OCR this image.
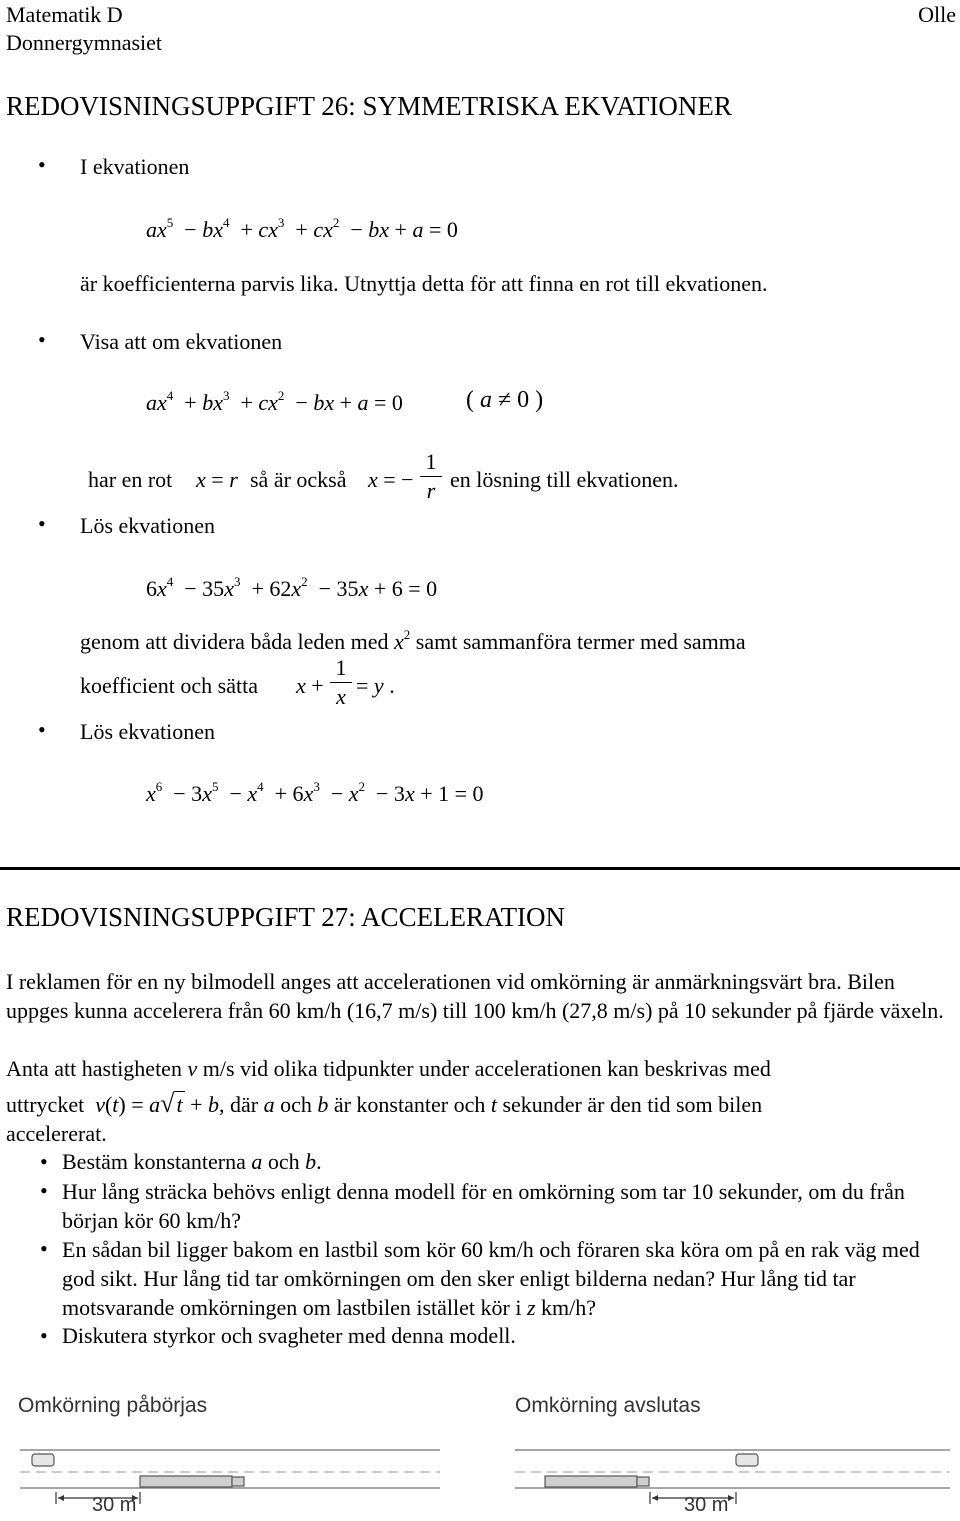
Matematik D
Donnergymnasiet
Olle
REDOVISNINGSUPPGIFT 26: SYMMETRISKA EKVATIONER
• I ekvationen
$ax^5 - bx^4 + cx^3 + cx^2$  − bx + a = 0
är koefficienterna parvis lika. Utnyttja detta för att finna en rot till ekvationen.
• Visa att om ekvationen
$ax^4 + bx^3 + cx^2$  − bx + a = 0	( a ≠ 0 )
har en rot x = r så är också x = −
1
r en lösning till ekvationen.
• Lös ekvationen
$6x^4 - 35x^3 + 62x^2 - 35x + 6 = 0$
genom att dividera båda leden med $x^2$ samt sammanföra termer med samma
koefficient och sätta x +
1
x = y .
• Lös ekvationen
$x^6 - 3x^5 - x^4 + 6x^3 - x^2 - 3x + 1 = 0$
REDOVISNINGSUPPGIFT 27: ACCELERATION
I reklamen för en ny bilmodell anges att accelerationen vid omkörning är anmärkningsvärt bra. Bilen uppges kunna accelerera från 60 km/h (16,7 m/s) till 100 km/h (27,8 m/s) på 10 sekunder på fjärde växeln.
Anta att hastigheten v m/s vid olika tidpunkter under accelerationen kan beskrivas med
uttrycket v(t) = a√t + b, där a och b är konstanter och t sekunder är den tid som bilen
accelererat.
• Bestäm konstanterna a och b.
• Hur lång sträcka behövs enligt denna modell för en omkörning som tar 10 sekunder, om du från början kör 60 km/h?
• En sådan bil ligger bakom en lastbil som kör 60 km/h och föraren ska köra om på en rak väg med god sikt. Hur lång tid tar omkörningen om den sker enligt bilderna nedan? Hur lång tid tar motsvarande omkörningen om lastbilen istället kör i z km/h?
• Diskutera styrkor och svagheter med denna modell.
Omkörning påbörjas	Omkörning avslutas
30 m	30 m
